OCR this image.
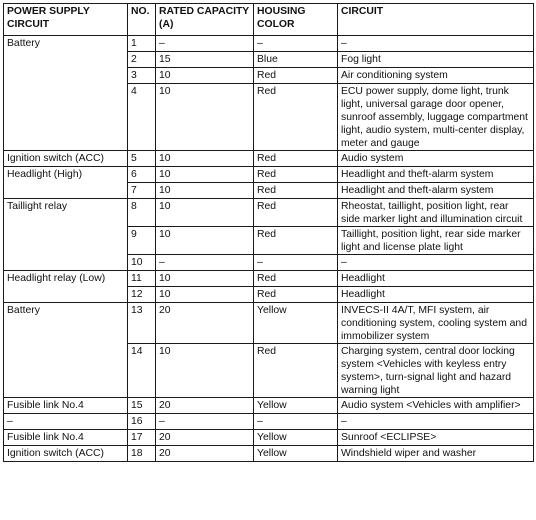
POWER SUPPLY CIRCUIT	NO.	RATED CAPACITY (A)	HOUSING COLOR	CIRCUIT
Battery	1	–	–	–
	2	15	Blue	Fog light
	3	10	Red	Air conditioning system
	4	10	Red	ECU power supply, dome light, trunk light, universal garage door opener, sunroof assembly, luggage compartment light, audio system, multi-center display, meter and gauge
Ignition switch (ACC)	5	10	Red	Audio system
Headlight (High)	6	10	Red	Headlight and theft-alarm system
	7	10	Red	Headlight and theft-alarm system
Taillight relay	8	10	Red	Rheostat, taillight, position light, rear side marker light and illumination circuit
	9	10	Red	Taillight, position light, rear side marker light and license plate light
	10	–	–	–
Headlight relay (Low)	11	10	Red	Headlight
	12	10	Red	Headlight
Battery	13	20	Yellow	INVECS-II 4A/T, MFI system, air conditioning system, cooling system and immobilizer system
	14	10	Red	Charging system, central door locking system <Vehicles with keyless entry system>, turn-signal light and hazard warning light
Fusible link No.4	15	20	Yellow	Audio system <Vehicles with amplifier>
–	16	–	–	–
Fusible link No.4	17	20	Yellow	Sunroof <ECLIPSE>
Ignition switch (ACC)	18	20	Yellow	Windshield wiper and washer
